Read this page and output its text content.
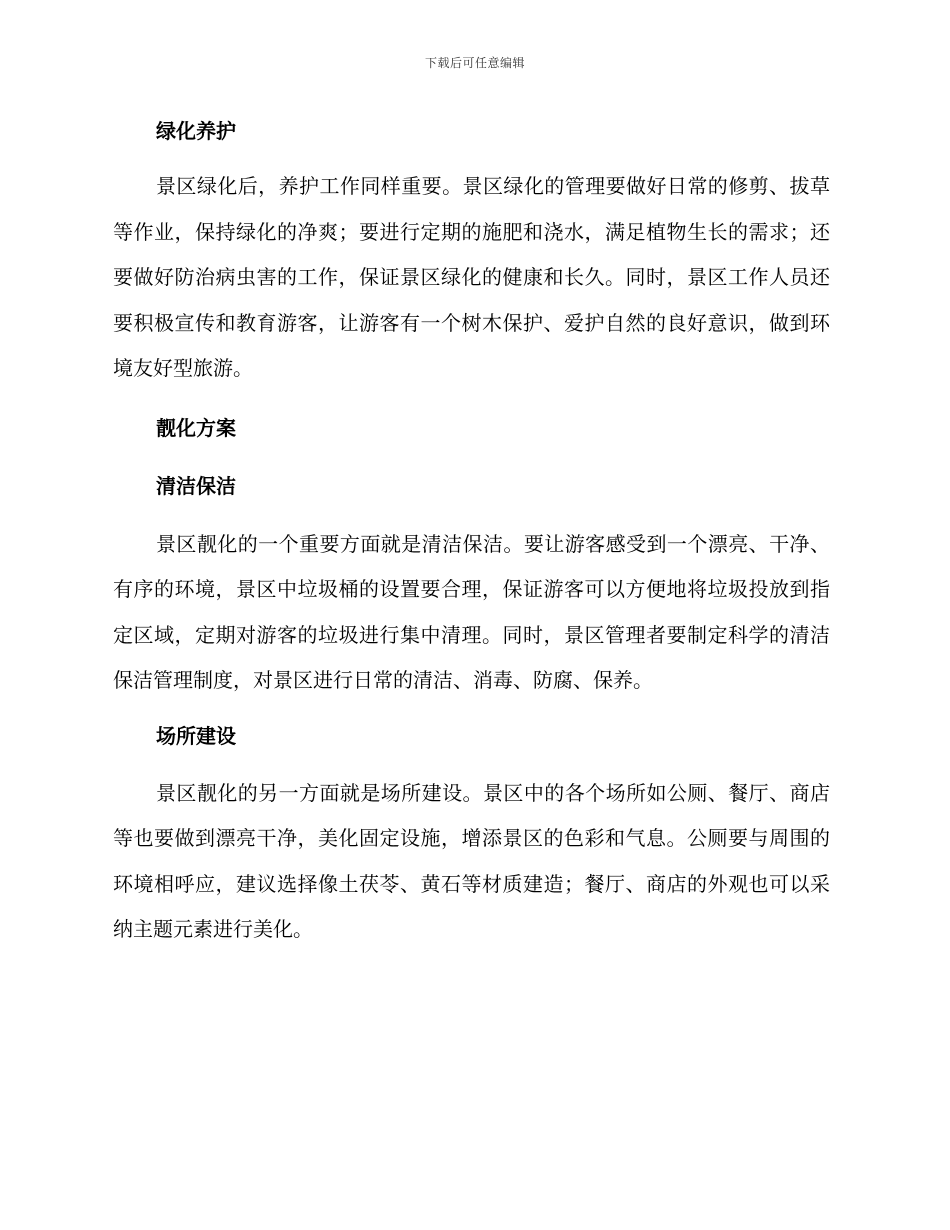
下载后可任意编辑
绿化养护

景区绿化后，养护工作同样重要。景区绿化的管理要做好日常的修剪、拔草等作业，保持绿化的净爽；要进行定期的施肥和浇水，满足植物生长的需求；还要做好防治病虫害的工作，保证景区绿化的健康和长久。同时，景区工作人员还要积极宣传和教育游客，让游客有一个树木保护、爱护自然的良好意识，做到环境友好型旅游。

靓化方案
清洁保洁

景区靓化的一个重要方面就是清洁保洁。要让游客感受到一个漂亮、干净、有序的环境，景区中垃圾桶的设置要合理，保证游客可以方便地将垃圾投放到指定区域，定期对游客的垃圾进行集中清理。同时，景区管理者要制定科学的清洁保洁管理制度，对景区进行日常的清洁、消毒、防腐、保养。

场所建设

景区靓化的另一方面就是场所建设。景区中的各个场所如公厕、餐厅、商店等也要做到漂亮干净，美化固定设施，增添景区的色彩和气息。公厕要与周围的环境相呼应，建议选择像土茯苓、黄石等材质建造；餐厅、商店的外观也可以采纳主题元素进行美化。
